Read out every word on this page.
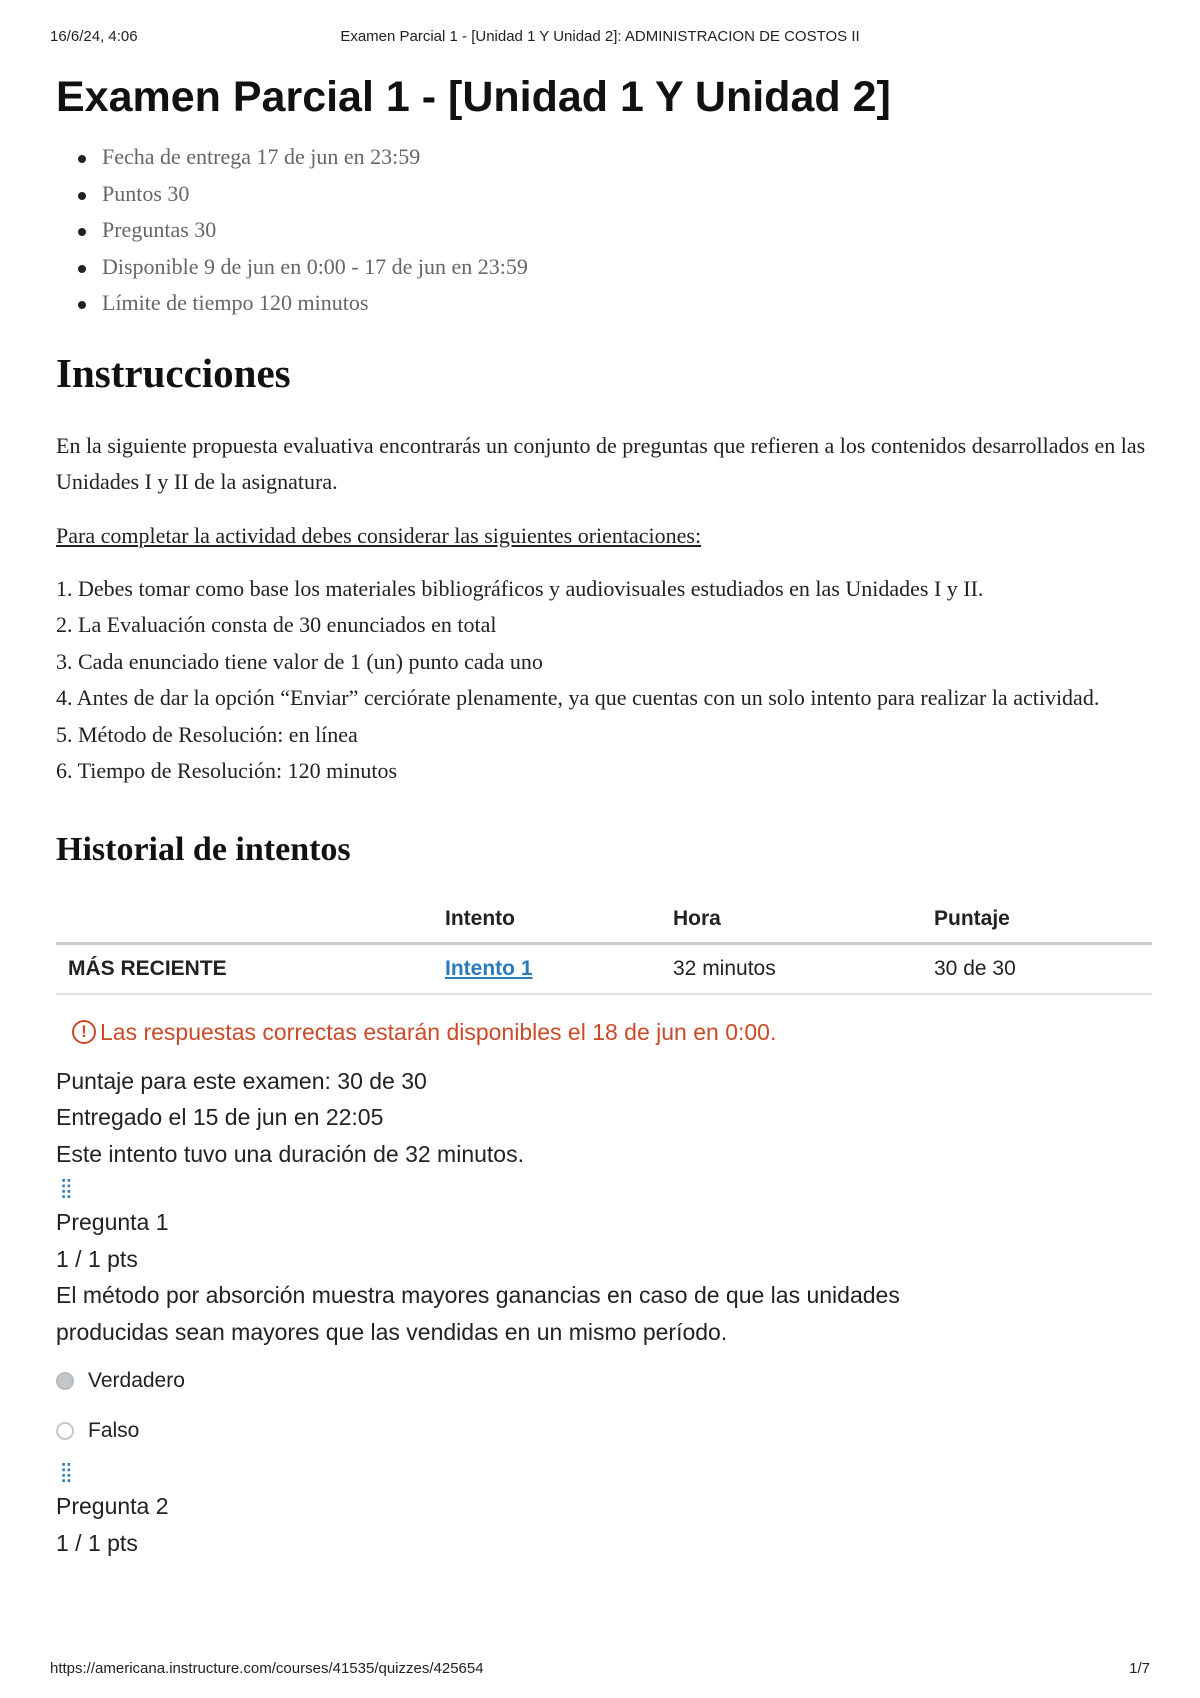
16/6/24, 4:06	Examen Parcial 1 - [Unidad 1 Y Unidad 2]: ADMINISTRACION DE COSTOS II
Examen Parcial 1 - [Unidad 1 Y Unidad 2]
Fecha de entrega 17 de jun en 23:59
Puntos 30
Preguntas 30
Disponible 9 de jun en 0:00 - 17 de jun en 23:59
Límite de tiempo 120 minutos
Instrucciones

En la siguiente propuesta evaluativa encontrarás un conjunto de preguntas que refieren a los contenidos desarrollados en las Unidades I y II de la asignatura.

Para completar la actividad debes considerar las siguientes orientaciones:

1. Debes tomar como base los materiales bibliográficos y audiovisuales estudiados en las Unidades I y II.
2. La Evaluación consta de 30 enunciados en total
3. Cada enunciado tiene valor de 1 (un) punto cada uno
4. Antes de dar la opción “Enviar” cerciórate plenamente, ya que cuentas con un solo intento para realizar la actividad.
5. Método de Resolución: en línea
6. Tiempo de Resolución: 120 minutos
Historial de intentos
	Intento	Hora	Puntaje
MÁS RECIENTE	Intento 1	32 minutos	30 de 30
! Las respuestas correctas estarán disponibles el 18 de jun en 0:00.
Puntaje para este examen: 30 de 30
Entregado el 15 de jun en 22:05
Este intento tuvo una duración de 32 minutos.
⁞⁞
Pregunta 1
1 / 1 pts
El método por absorción muestra mayores ganancias en caso de que las unidades producidas sean mayores que las vendidas en un mismo período.
Verdadero
Falso
⁞⁞
Pregunta 2
1 / 1 pts
https://americana.instructure.com/courses/41535/quizzes/425654	1/7
